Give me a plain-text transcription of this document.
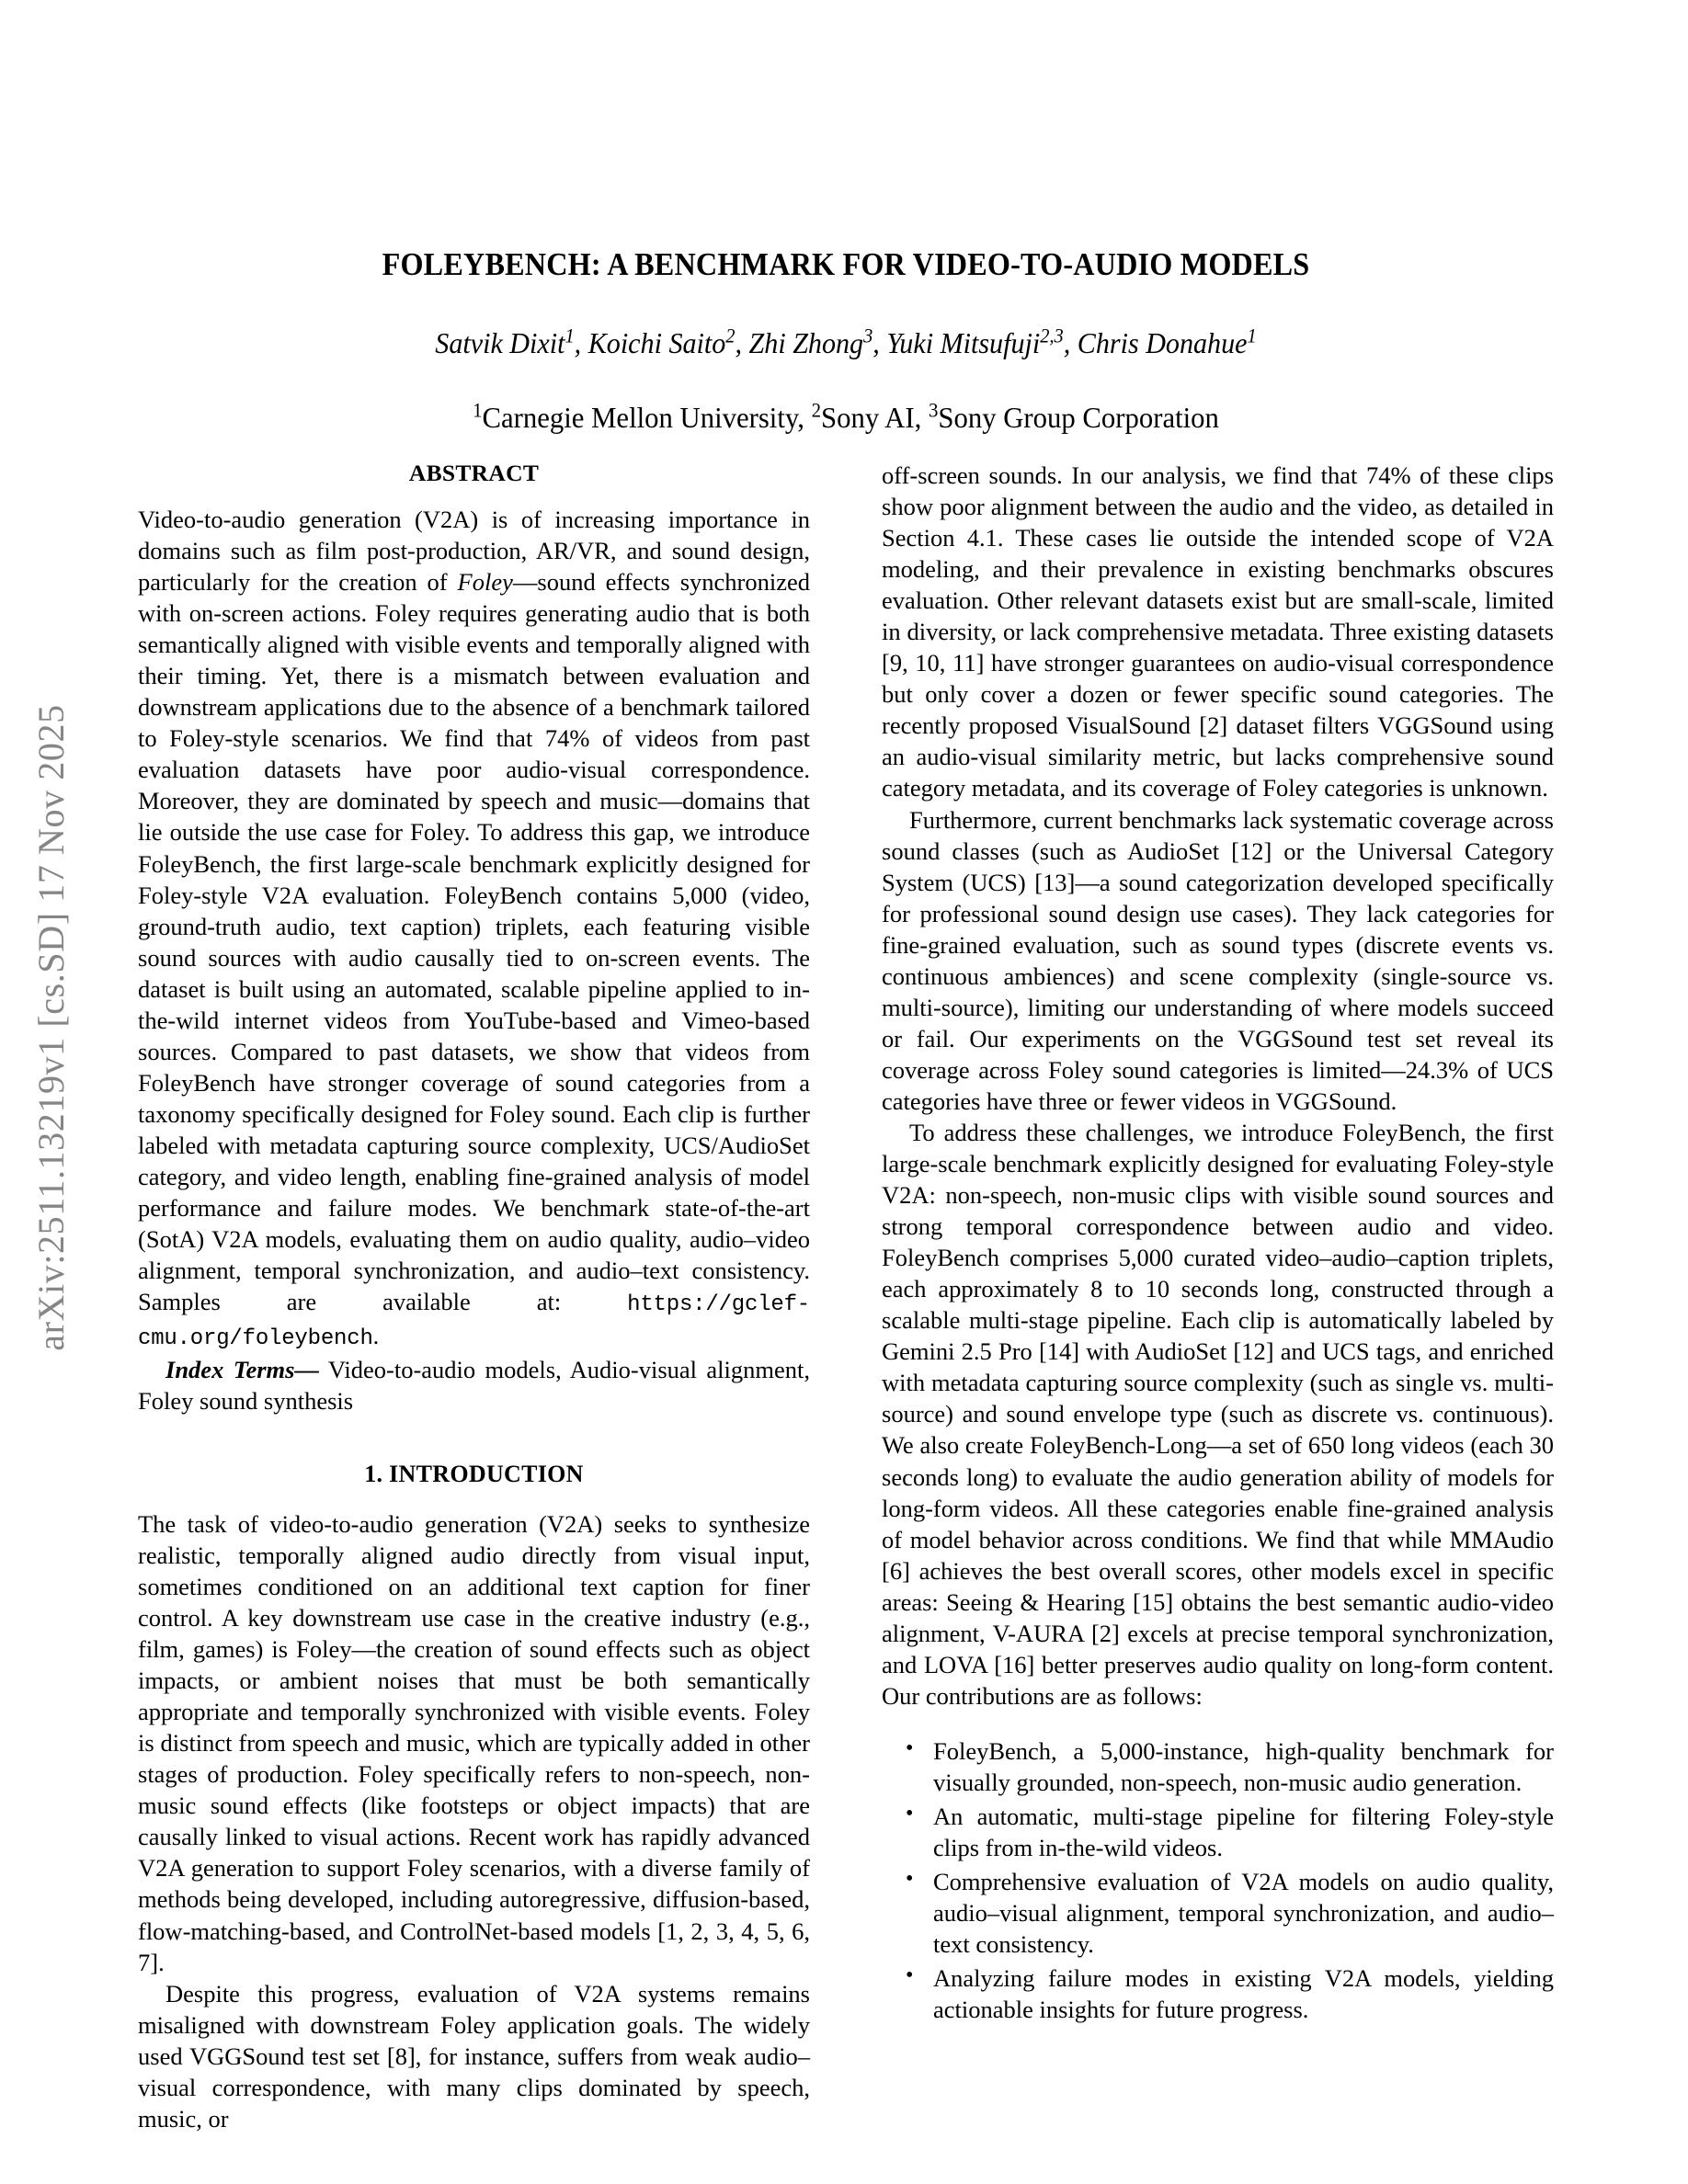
arXiv:2511.13219v1 [cs.SD] 17 Nov 2025
FOLEYBENCH: A BENCHMARK FOR VIDEO-TO-AUDIO MODELS
Satvik Dixit$^1$, Koichi Saito$^2$, Zhi Zhong$^3$, Yuki Mitsufuji$^{2,3}$, Chris Donahue$^1$
$^1$Carnegie Mellon University, $^2$Sony AI, $^3$Sony Group Corporation
ABSTRACT

Video-to-audio generation (V2A) is of increasing importance in domains such as film post-production, AR/VR, and sound design, particularly for the creation of Foley—sound effects synchronized with on-screen actions. Foley requires generating audio that is both semantically aligned with visible events and temporally aligned with their timing. Yet, there is a mismatch between evaluation and downstream applications due to the absence of a benchmark tailored to Foley-style scenarios. We find that 74% of videos from past evaluation datasets have poor audio-visual correspondence. Moreover, they are dominated by speech and music—domains that lie outside the use case for Foley. To address this gap, we introduce FoleyBench, the first large-scale benchmark explicitly designed for Foley-style V2A evaluation. FoleyBench contains 5,000 (video, ground-truth audio, text caption) triplets, each featuring visible sound sources with audio causally tied to on-screen events. The dataset is built using an automated, scalable pipeline applied to in-the-wild internet videos from YouTube-based and Vimeo-based sources. Compared to past datasets, we show that videos from FoleyBench have stronger coverage of sound categories from a taxonomy specifically designed for Foley sound. Each clip is further labeled with metadata capturing source complexity, UCS/AudioSet category, and video length, enabling fine-grained analysis of model performance and failure modes. We benchmark state-of-the-art (SotA) V2A models, evaluating them on audio quality, audio–video alignment, temporal synchronization, and audio–text consistency. Samples are available at: https://gclef-cmu.org/foleybench.

Index Terms— Video-to-audio models, Audio-visual alignment, Foley sound synthesis

1. INTRODUCTION

The task of video-to-audio generation (V2A) seeks to synthesize realistic, temporally aligned audio directly from visual input, sometimes conditioned on an additional text caption for finer control. A key downstream use case in the creative industry (e.g., film, games) is Foley—the creation of sound effects such as object impacts, or ambient noises that must be both semantically appropriate and temporally synchronized with visible events. Foley is distinct from speech and music, which are typically added in other stages of production. Foley specifically refers to non-speech, non-music sound effects (like footsteps or object impacts) that are causally linked to visual actions. Recent work has rapidly advanced V2A generation to support Foley scenarios, with a diverse family of methods being developed, including autoregressive, diffusion-based, flow-matching-based, and ControlNet-based models [1, 2, 3, 4, 5, 6, 7].

Despite this progress, evaluation of V2A systems remains misaligned with downstream Foley application goals. The widely used VGGSound test set [8], for instance, suffers from weak audio–visual correspondence, with many clips dominated by speech, music, or

off-screen sounds. In our analysis, we find that 74% of these clips show poor alignment between the audio and the video, as detailed in Section 4.1. These cases lie outside the intended scope of V2A modeling, and their prevalence in existing benchmarks obscures evaluation. Other relevant datasets exist but are small-scale, limited in diversity, or lack comprehensive metadata. Three existing datasets [9, 10, 11] have stronger guarantees on audio-visual correspondence but only cover a dozen or fewer specific sound categories. The recently proposed VisualSound [2] dataset filters VGGSound using an audio-visual similarity metric, but lacks comprehensive sound category metadata, and its coverage of Foley categories is unknown.

Furthermore, current benchmarks lack systematic coverage across sound classes (such as AudioSet [12] or the Universal Category System (UCS) [13]—a sound categorization developed specifically for professional sound design use cases). They lack categories for fine-grained evaluation, such as sound types (discrete events vs. continuous ambiences) and scene complexity (single-source vs. multi-source), limiting our understanding of where models succeed or fail. Our experiments on the VGGSound test set reveal its coverage across Foley sound categories is limited—24.3% of UCS categories have three or fewer videos in VGGSound.

To address these challenges, we introduce FoleyBench, the first large-scale benchmark explicitly designed for evaluating Foley-style V2A: non-speech, non-music clips with visible sound sources and strong temporal correspondence between audio and video. FoleyBench comprises 5,000 curated video–audio–caption triplets, each approximately 8 to 10 seconds long, constructed through a scalable multi-stage pipeline. Each clip is automatically labeled by Gemini 2.5 Pro [14] with AudioSet [12] and UCS tags, and enriched with metadata capturing source complexity (such as single vs. multi-source) and sound envelope type (such as discrete vs. continuous). We also create FoleyBench-Long—a set of 650 long videos (each 30 seconds long) to evaluate the audio generation ability of models for long-form videos. All these categories enable fine-grained analysis of model behavior across conditions. We find that while MMAudio [6] achieves the best overall scores, other models excel in specific areas: Seeing & Hearing [15] obtains the best semantic audio-video alignment, V-AURA [2] excels at precise temporal synchronization, and LOVA [16] better preserves audio quality on long-form content. Our contributions are as follows:

• FoleyBench, a 5,000-instance, high-quality benchmark for visually grounded, non-speech, non-music audio generation.
• An automatic, multi-stage pipeline for filtering Foley-style clips from in-the-wild videos.
• Comprehensive evaluation of V2A models on audio quality, audio–visual alignment, temporal synchronization, and audio–text consistency.
• Analyzing failure modes in existing V2A models, yielding actionable insights for future progress.
